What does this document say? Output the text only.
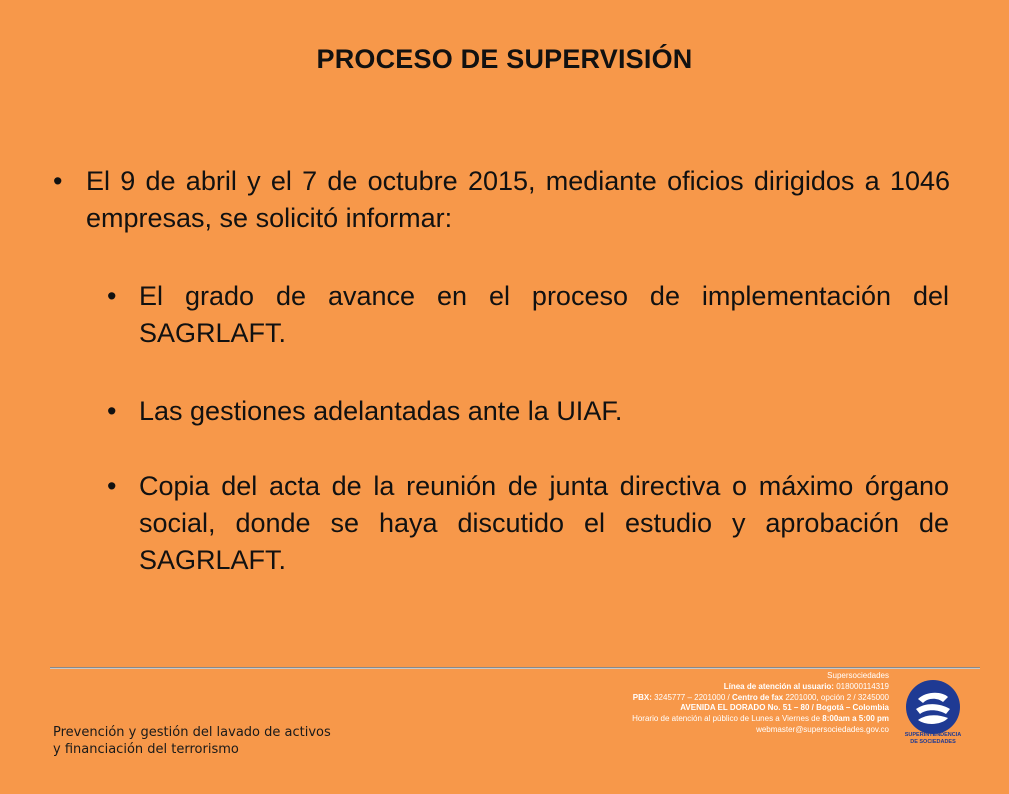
PROCESO DE SUPERVISIÓN
• El 9 de abril y el 7 de octubre 2015, mediante oficios dirigidos a 1046 empresas, se solicitó informar:
• El grado de avance en el proceso de implementación del SAGRLAFT.
• Las gestiones adelantadas ante la UIAF.
• Copia del acta de la reunión de junta directiva o máximo órgano social, donde se haya discutido el estudio y aprobación de SAGRLAFT.
Prevención y gestión del lavado de activos
y financiación del terrorismo
Supersociedades
Línea de atención al usuario: 018000114319
PBX: 3245777 – 2201000 / Centro de fax 2201000, opción 2 / 3245000
AVENIDA EL DORADO No. 51 – 80 / Bogotá – Colombia
Horario de atención al público de Lunes a Viernes de 8:00am a 5:00 pm
webmaster@supersociedades.gov.co
SUPERINTENDENCIA
DE SOCIEDADES
